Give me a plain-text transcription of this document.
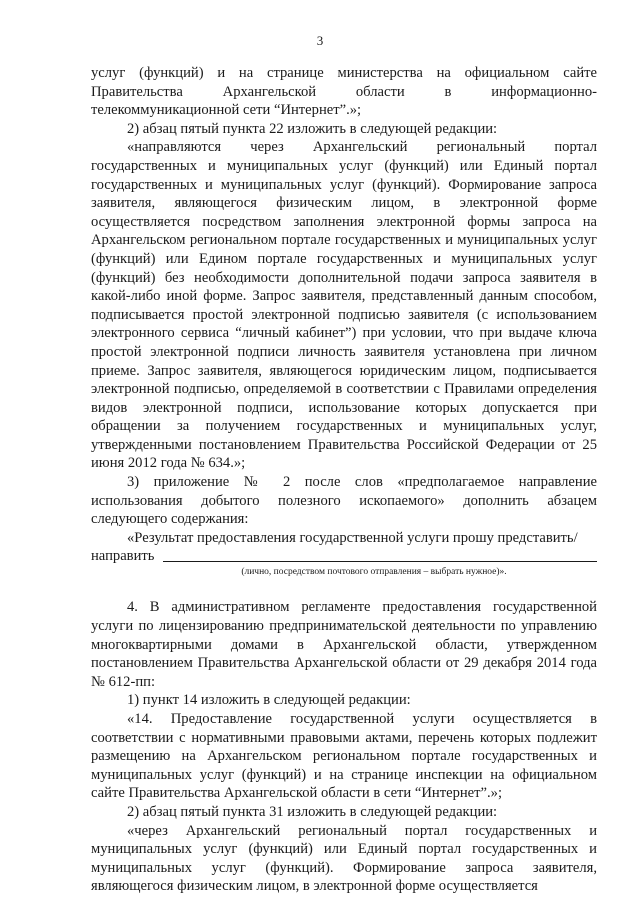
3

услуг (функций) и на странице министерства на официальном сайте Правительства Архангельской области в информационно-телекоммуникационной сети “Интернет”.»;

2) абзац пятый пункта 22 изложить в следующей редакции:

«направляются через Архангельский региональный портал государственных и муниципальных услуг (функций) или Единый портал государственных и муниципальных услуг (функций). Формирование запроса заявителя, являющегося физическим лицом, в электронной форме осуществляется посредством заполнения электронной формы запроса на Архангельском региональном портале государственных и муниципальных услуг (функций) или Едином портале государственных и муниципальных услуг (функций) без необходимости дополнительной подачи запроса заявителя в какой-либо иной форме. Запрос заявителя, представленный данным способом, подписывается простой электронной подписью заявителя (с использованием электронного сервиса “личный кабинет”) при условии, что при выдаче ключа простой электронной подписи личность заявителя установлена при личном приеме. Запрос заявителя, являющегося юридическим лицом, подписывается электронной подписью, определяемой в соответствии с Правилами определения видов электронной подписи, использование которых допускается при обращении за получением государственных и муниципальных услуг, утвержденными постановлением Правительства Российской Федерации от 25 июня 2012 года № 634.»;

3) приложение № 2 после слов «предполагаемое направление использования добытого полезного ископаемого» дополнить абзацем следующего содержания:

«Результат предоставления государственной услуги прошу представить/

направить
(лично, посредством почтового отправления – выбрать нужное)».

4. В административном регламенте предоставления государственной услуги по лицензированию предпринимательской деятельности по управлению многоквартирными домами в Архангельской области, утвержденном постановлением Правительства Архангельской области от 29 декабря 2014 года № 612-пп:

1) пункт 14 изложить в следующей редакции:

«14. Предоставление государственной услуги осуществляется в соответствии с нормативными правовыми актами, перечень которых подлежит размещению на Архангельском региональном портале государственных и муниципальных услуг (функций) и на странице инспекции на официальном сайте Правительства Архангельской области в сети “Интернет”.»;

2) абзац пятый пункта 31 изложить в следующей редакции:

«через Архангельский региональный портал государственных и муниципальных услуг (функций) или Единый портал государственных и муниципальных услуг (функций). Формирование запроса заявителя, являющегося физическим лицом, в электронной форме осуществляется
